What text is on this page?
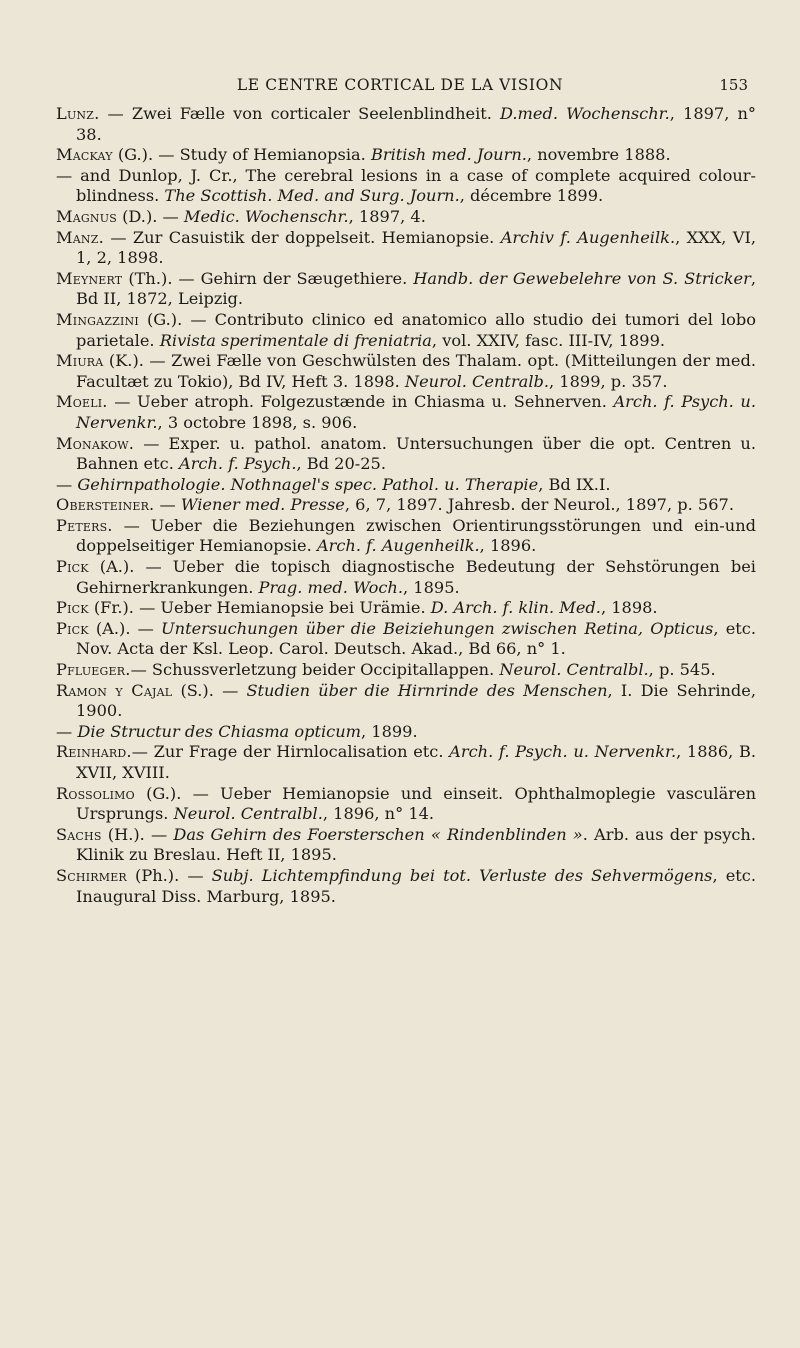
LE CENTRE CORTICAL DE LA VISION	153

Lunz. — Zwei Fælle von corticaler Seelenblindheit. D.med. Wochenschr., 1897, n° 38.

Mackay (G.). — Study of Hemianopsia. British med. Journ., novembre 1888.

— and Dunlop, J. Cr., The cerebral lesions in a case of complete acquired colour-blindness. The Scottish. Med. and Surg. Journ., décembre 1899.

Magnus (D.). — Medic. Wochenschr., 1897, 4.

Manz. — Zur Casuistik der doppelseit. Hemianopsie. Archiv f. Augenheilk., XXX, VI, 1, 2, 1898.

Meynert (Th.). — Gehirn der Sæugethiere. Handb. der Gewebelehre von S. Stricker, Bd II, 1872, Leipzig.

Mingazzini (G.). — Contributo clinico ed anatomico allo studio dei tumori del lobo parietale. Rivista sperimentale di freniatria, vol. XXIV, fasc. III-IV, 1899.

Miura (K.). — Zwei Fælle von Geschwülsten des Thalam. opt. (Mitteilungen der med. Facultæt zu Tokio), Bd IV, Heft 3. 1898. Neurol. Centralb., 1899, p. 357.

Moeli. — Ueber atroph. Folgezustænde in Chiasma u. Sehnerven. Arch. f. Psych. u. Nervenkr., 3 octobre 1898, s. 906.

Monakow. — Exper. u. pathol. anatom. Untersuchungen über die opt. Centren u. Bahnen etc. Arch. f. Psych., Bd 20-25.

— Gehirnpathologie. Nothnagel's spec. Pathol. u. Therapie, Bd IX.I.

Obersteiner. — Wiener med. Presse, 6, 7, 1897. Jahresb. der Neurol., 1897, p. 567.

Peters. — Ueber die Beziehungen zwischen Orientirungsstörungen und ein-und doppelseitiger Hemianopsie. Arch. f. Augenheilk., 1896.

Pick (A.). — Ueber die topisch diagnostische Bedeutung der Sehstörungen bei Gehirnerkrankungen. Prag. med. Woch., 1895.

Pick (Fr.). — Ueber Hemianopsie bei Urämie. D. Arch. f. klin. Med., 1898.

Pick (A.). — Untersuchungen über die Beiziehungen zwischen Retina, Opticus, etc. Nov. Acta der Ksl. Leop. Carol. Deutsch. Akad., Bd 66, n° 1.

Pflueger.— Schussverletzung beider Occipitallappen. Neurol. Centralbl., p. 545.

Ramon y Cajal (S.). — Studien über die Hirnrinde des Menschen, I. Die Sehrinde, 1900.

— Die Structur des Chiasma opticum, 1899.

Reinhard.— Zur Frage der Hirnlocalisation etc. Arch. f. Psych. u. Nervenkr., 1886, B. XVII, XVIII.

Rossolimo (G.). — Ueber Hemianopsie und einseit. Ophthalmoplegie vasculären Ursprungs. Neurol. Centralbl., 1896, n° 14.

Sachs (H.). — Das Gehirn des Foersterschen « Rindenblinden ». Arb. aus der psych. Klinik zu Breslau. Heft II, 1895.

Schirmer (Ph.). — Subj. Lichtempfindung bei tot. Verluste des Sehvermögens, etc. Inaugural Diss. Marburg, 1895.
